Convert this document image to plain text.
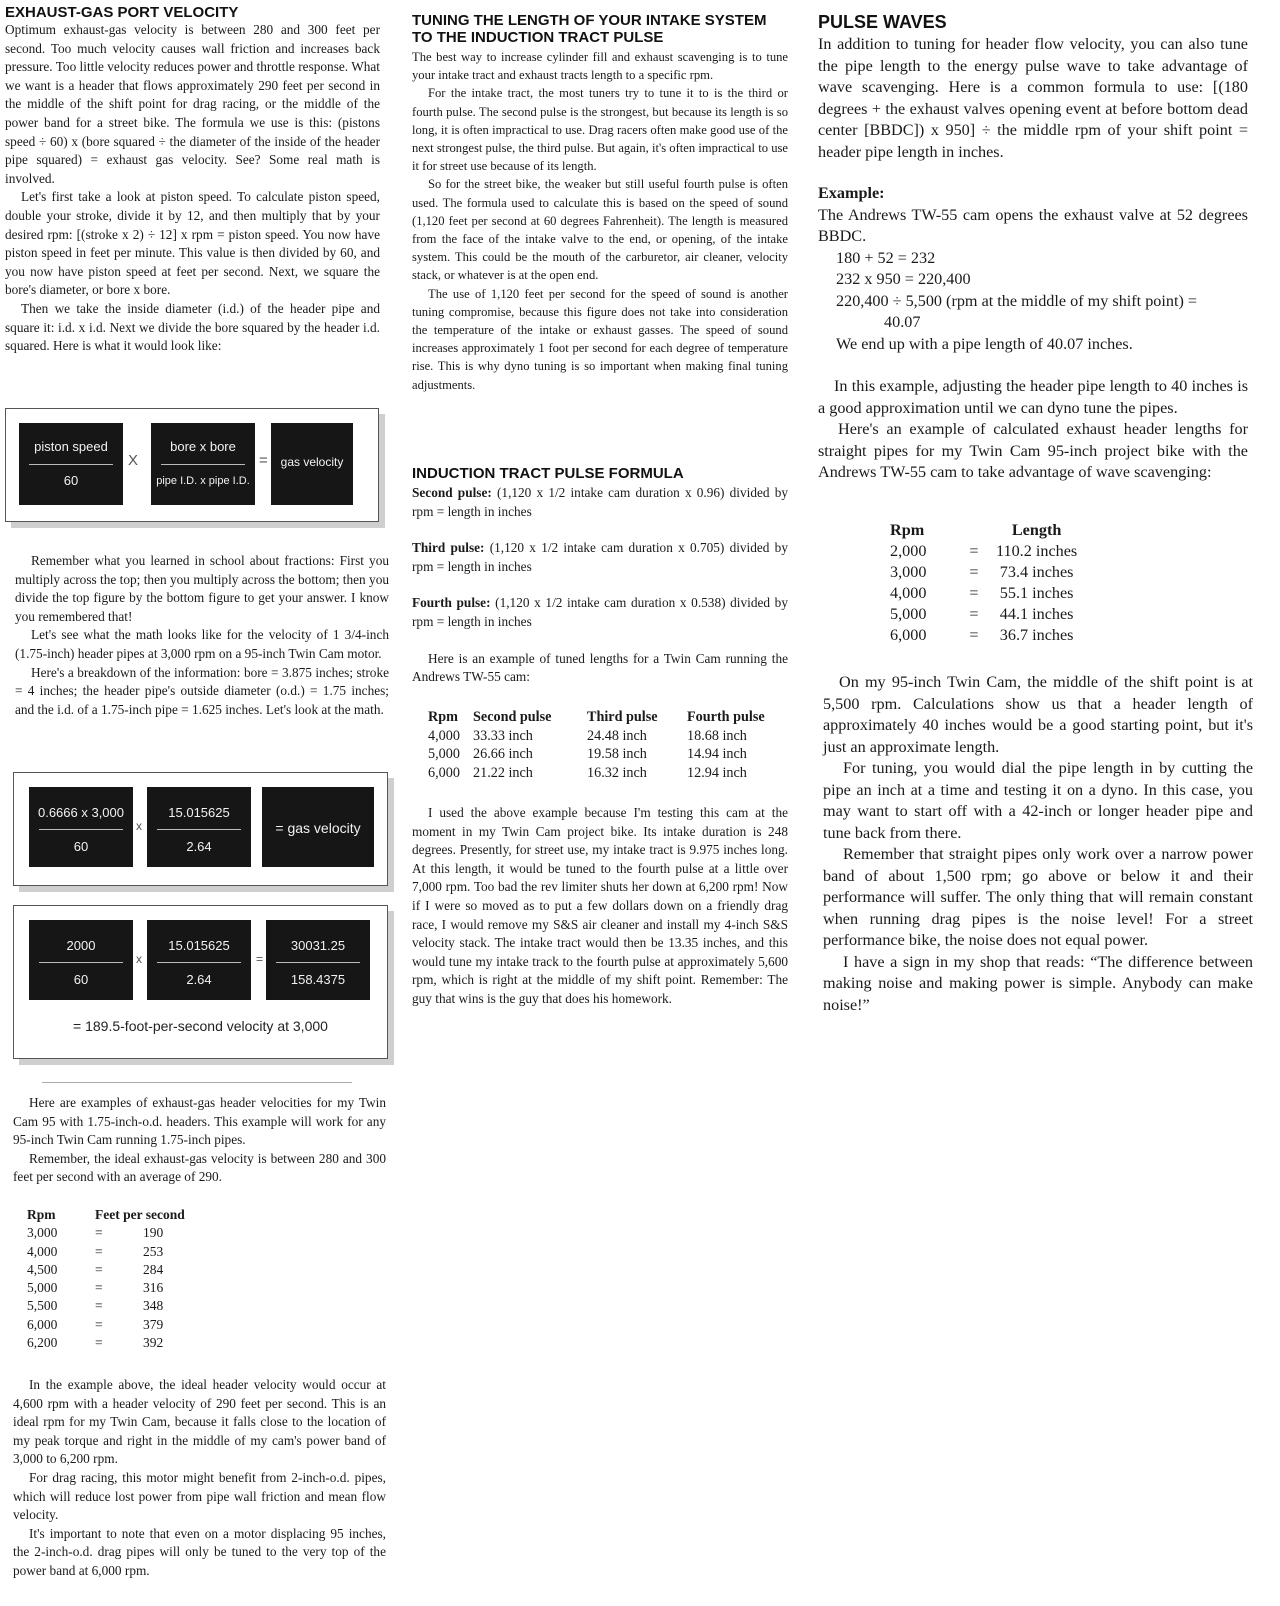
EXHAUST-GAS PORT VELOCITY

Optimum exhaust-gas velocity is between 280 and 300 feet per second. Too much velocity causes wall friction and increases back pressure. Too little velocity reduces power and throttle response. What we want is a header that flows approximately 290 feet per second in the middle of the shift point for drag racing, or the middle of the power band for a street bike. The formula we use is this: (pistons speed ÷ 60) x (bore squared ÷ the diameter of the inside of the header pipe squared) = exhaust gas velocity. See? Some real math is involved.

Let's first take a look at piston speed. To calculate piston speed, double your stroke, divide it by 12, and then multiply that by your desired rpm: [(stroke x 2) ÷ 12] x rpm = piston speed. You now have piston speed in feet per minute. This value is then divided by 60, and you now have piston speed at feet per second. Next, we square the bore's diameter, or bore x bore.

Then we take the inside diameter (i.d.) of the header pipe and square it: i.d. x i.d. Next we divide the bore squared by the header i.d. squared. Here is what it would look like:

piston speed
60
X
bore x bore
pipe I.D. x pipe I.D.
=	gas velocity

Remember what you learned in school about fractions: First you multiply across the top; then you multiply across the bottom; then you divide the top figure by the bottom figure to get your answer. I know you remembered that!

Let's see what the math looks like for the velocity of 1 3/4-inch (1.75-inch) header pipes at 3,000 rpm on a 95-inch Twin Cam motor.

Here's a breakdown of the information: bore = 3.875 inches; stroke = 4 inches; the header pipe's outside diameter (o.d.) = 1.75 inches; and the i.d. of a 1.75-inch pipe = 1.625 inches. Let's look at the math.

0.6666 x 3,000
60
x
15.015625
2.64
= gas velocity
2000
60
x
15.015625
2.64
=
30031.25
158.4375
= 189.5-foot-per-second velocity at 3,000

Here are examples of exhaust-gas header velocities for my Twin Cam 95 with 1.75-inch-o.d. headers. This example will work for any 95-inch Twin Cam running 1.75-inch pipes.

Remember, the ideal exhaust-gas velocity is between 280 and 300 feet per second with an average of 290.

Rpm	Feet per second	
3,000	=	190
4,000	=	253
4,500	=	284
5,000	=	316
5,500	=	348
6,000	=	379
6,200	=	392

In the example above, the ideal header velocity would occur at 4,600 rpm with a header velocity of 290 feet per second. This is an ideal rpm for my Twin Cam, because it falls close to the location of my peak torque and right in the middle of my cam's power band of 3,000 to 6,200 rpm.

For drag racing, this motor might benefit from 2-inch-o.d. pipes, which will reduce lost power from pipe wall friction and mean flow velocity.

It's important to note that even on a motor displacing 95 inches, the 2-inch-o.d. drag pipes will only be tuned to the very top of the power band at 6,000 rpm.

TUNING THE LENGTH OF YOUR INTAKE SYSTEM TO THE INDUCTION TRACT PULSE

The best way to increase cylinder fill and exhaust scavenging is to tune your intake tract and exhaust tracts length to a specific rpm.

For the intake tract, the most tuners try to tune it to is the third or fourth pulse. The second pulse is the strongest, but because its length is so long, it is often impractical to use. Drag racers often make good use of the next strongest pulse, the third pulse. But again, it's often impractical to use it for street use because of its length.

So for the street bike, the weaker but still useful fourth pulse is often used. The formula used to calculate this is based on the speed of sound (1,120 feet per second at 60 degrees Fahrenheit). The length is measured from the face of the intake valve to the end, or opening, of the intake system. This could be the mouth of the carburetor, air cleaner, velocity stack, or whatever is at the open end.

The use of 1,120 feet per second for the speed of sound is another tuning compromise, because this figure does not take into consideration the temperature of the intake or exhaust gasses. The speed of sound increases approximately 1 foot per second for each degree of temperature rise. This is why dyno tuning is so important when making final tuning adjustments.

INDUCTION TRACT PULSE FORMULA

Second pulse: (1,120 x 1/2 intake cam duration x 0.96) divided by rpm = length in inches

Third pulse: (1,120 x 1/2 intake cam duration x 0.705) divided by rpm = length in inches

Fourth pulse: (1,120 x 1/2 intake cam duration x 0.538) divided by rpm = length in inches

Here is an example of tuned lengths for a Twin Cam running the Andrews TW-55 cam:

Rpm	Second pulse	Third pulse	Fourth pulse
4,000	33.33 inch	24.48 inch	18.68 inch
5,000	26.66 inch	19.58 inch	14.94 inch
6,000	21.22 inch	16.32 inch	12.94 inch

I used the above example because I'm testing this cam at the moment in my Twin Cam project bike. Its intake duration is 248 degrees. Presently, for street use, my intake tract is 9.975 inches long. At this length, it would be tuned to the fourth pulse at a little over 7,000 rpm. Too bad the rev limiter shuts her down at 6,200 rpm! Now if I were so moved as to put a few dollars down on a friendly drag race, I would remove my S&S air cleaner and install my 4-inch S&S velocity stack. The intake tract would then be 13.35 inches, and this would tune my intake track to the fourth pulse at approximately 5,600 rpm, which is right at the middle of my shift point. Remember: The guy that wins is the guy that does his homework.

PULSE WAVES

In addition to tuning for header flow velocity, you can also tune the pipe length to the energy pulse wave to take advantage of wave scavenging. Here is a common formula to use: [(180 degrees + the exhaust valves opening event at before bottom dead center [BBDC]) x 950] ÷ the middle rpm of your shift point = header pipe length in inches.

Example:

The Andrews TW-55 cam opens the exhaust valve at 52 degrees BBDC.

180 + 52 = 232

232 x 950 = 220,400

220,400 ÷ 5,500 (rpm at the middle of my shift point) =

40.07

We end up with a pipe length of 40.07 inches.

In this example, adjusting the header pipe length to 40 inches is a good approximation until we can dyno tune the pipes.

Here's an example of calculated exhaust header lengths for straight pipes for my Twin Cam 95-inch project bike with the Andrews TW-55 cam to take advantage of wave scavenging:

Rpm		Length
2,000	=	110.2 inches
3,000	=	73.4 inches
4,000	=	55.1 inches
5,000	=	44.1 inches
6,000	=	36.7 inches

On my 95-inch Twin Cam, the middle of the shift point is at 5,500 rpm. Calculations show us that a header length of approximately 40 inches would be a good starting point, but it's just an approximate length.

For tuning, you would dial the pipe length in by cutting the pipe an inch at a time and testing it on a dyno. In this case, you may want to start off with a 42-inch or longer header pipe and tune back from there.

Remember that straight pipes only work over a narrow power band of about 1,500 rpm; go above or below it and their performance will suffer. The only thing that will remain constant when running drag pipes is the noise level! For a street performance bike, the noise does not equal power.

I have a sign in my shop that reads: “The difference between making noise and making power is simple. Anybody can make noise!”
